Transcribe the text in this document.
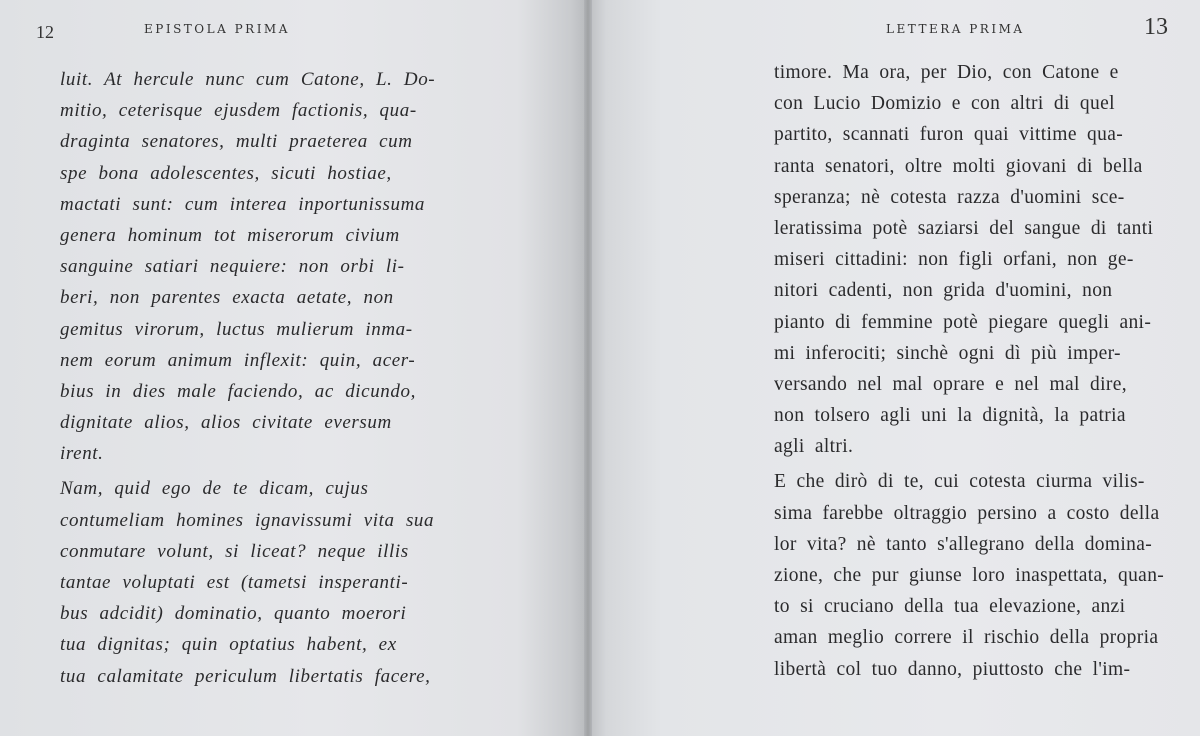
12	EPISTOLA PRIMA
luit. At hercule nunc cum Catone, L. Do-
mitio, ceterisque ejusdem factionis, qua-
draginta senatores, multi praeterea cum
spe bona adolescentes, sicuti hostiae,
mactati sunt: cum interea inportunissuma
genera hominum tot miserorum civium
sanguine satiari nequiere: non orbi li-
beri, non parentes exacta aetate, non
gemitus virorum, luctus mulierum inma-
nem eorum animum inflexit: quin, acer-
bius in dies male faciendo, ac dicundo,
dignitate alios, alios civitate eversum
irent.
Nam, quid ego de te dicam, cujus
contumeliam homines ignavissumi vita sua
conmutare volunt, si liceat? neque illis
tantae voluptati est (tametsi insperanti-
bus adcidit) dominatio, quanto moerori
tua dignitas; quin optatius habent, ex
tua calamitate periculum libertatis facere,
LETTERA PRIMA	13
timore. Ma ora, per Dio, con Catone e
con Lucio Domizio e con altri di quel
partito, scannati furon quai vittime qua-
ranta senatori, oltre molti giovani di bella
speranza; nè cotesta razza d'uomini sce-
leratissima potè saziarsi del sangue di tanti
miseri cittadini: non figli orfani, non ge-
nitori cadenti, non grida d'uomini, non
pianto di femmine potè piegare quegli ani-
mi inferociti; sinchè ogni dì più imper-
versando nel mal oprare e nel mal dire,
non tolsero agli uni la dignità, la patria
agli altri.
E che dirò di te, cui cotesta ciurma vilis-
sima farebbe oltraggio persino a costo della
lor vita? nè tanto s'allegrano della domina-
zione, che pur giunse loro inaspettata, quan-
to si cruciano della tua elevazione, anzi
aman meglio correre il rischio della propria
libertà col tuo danno, piuttosto che l'im-
